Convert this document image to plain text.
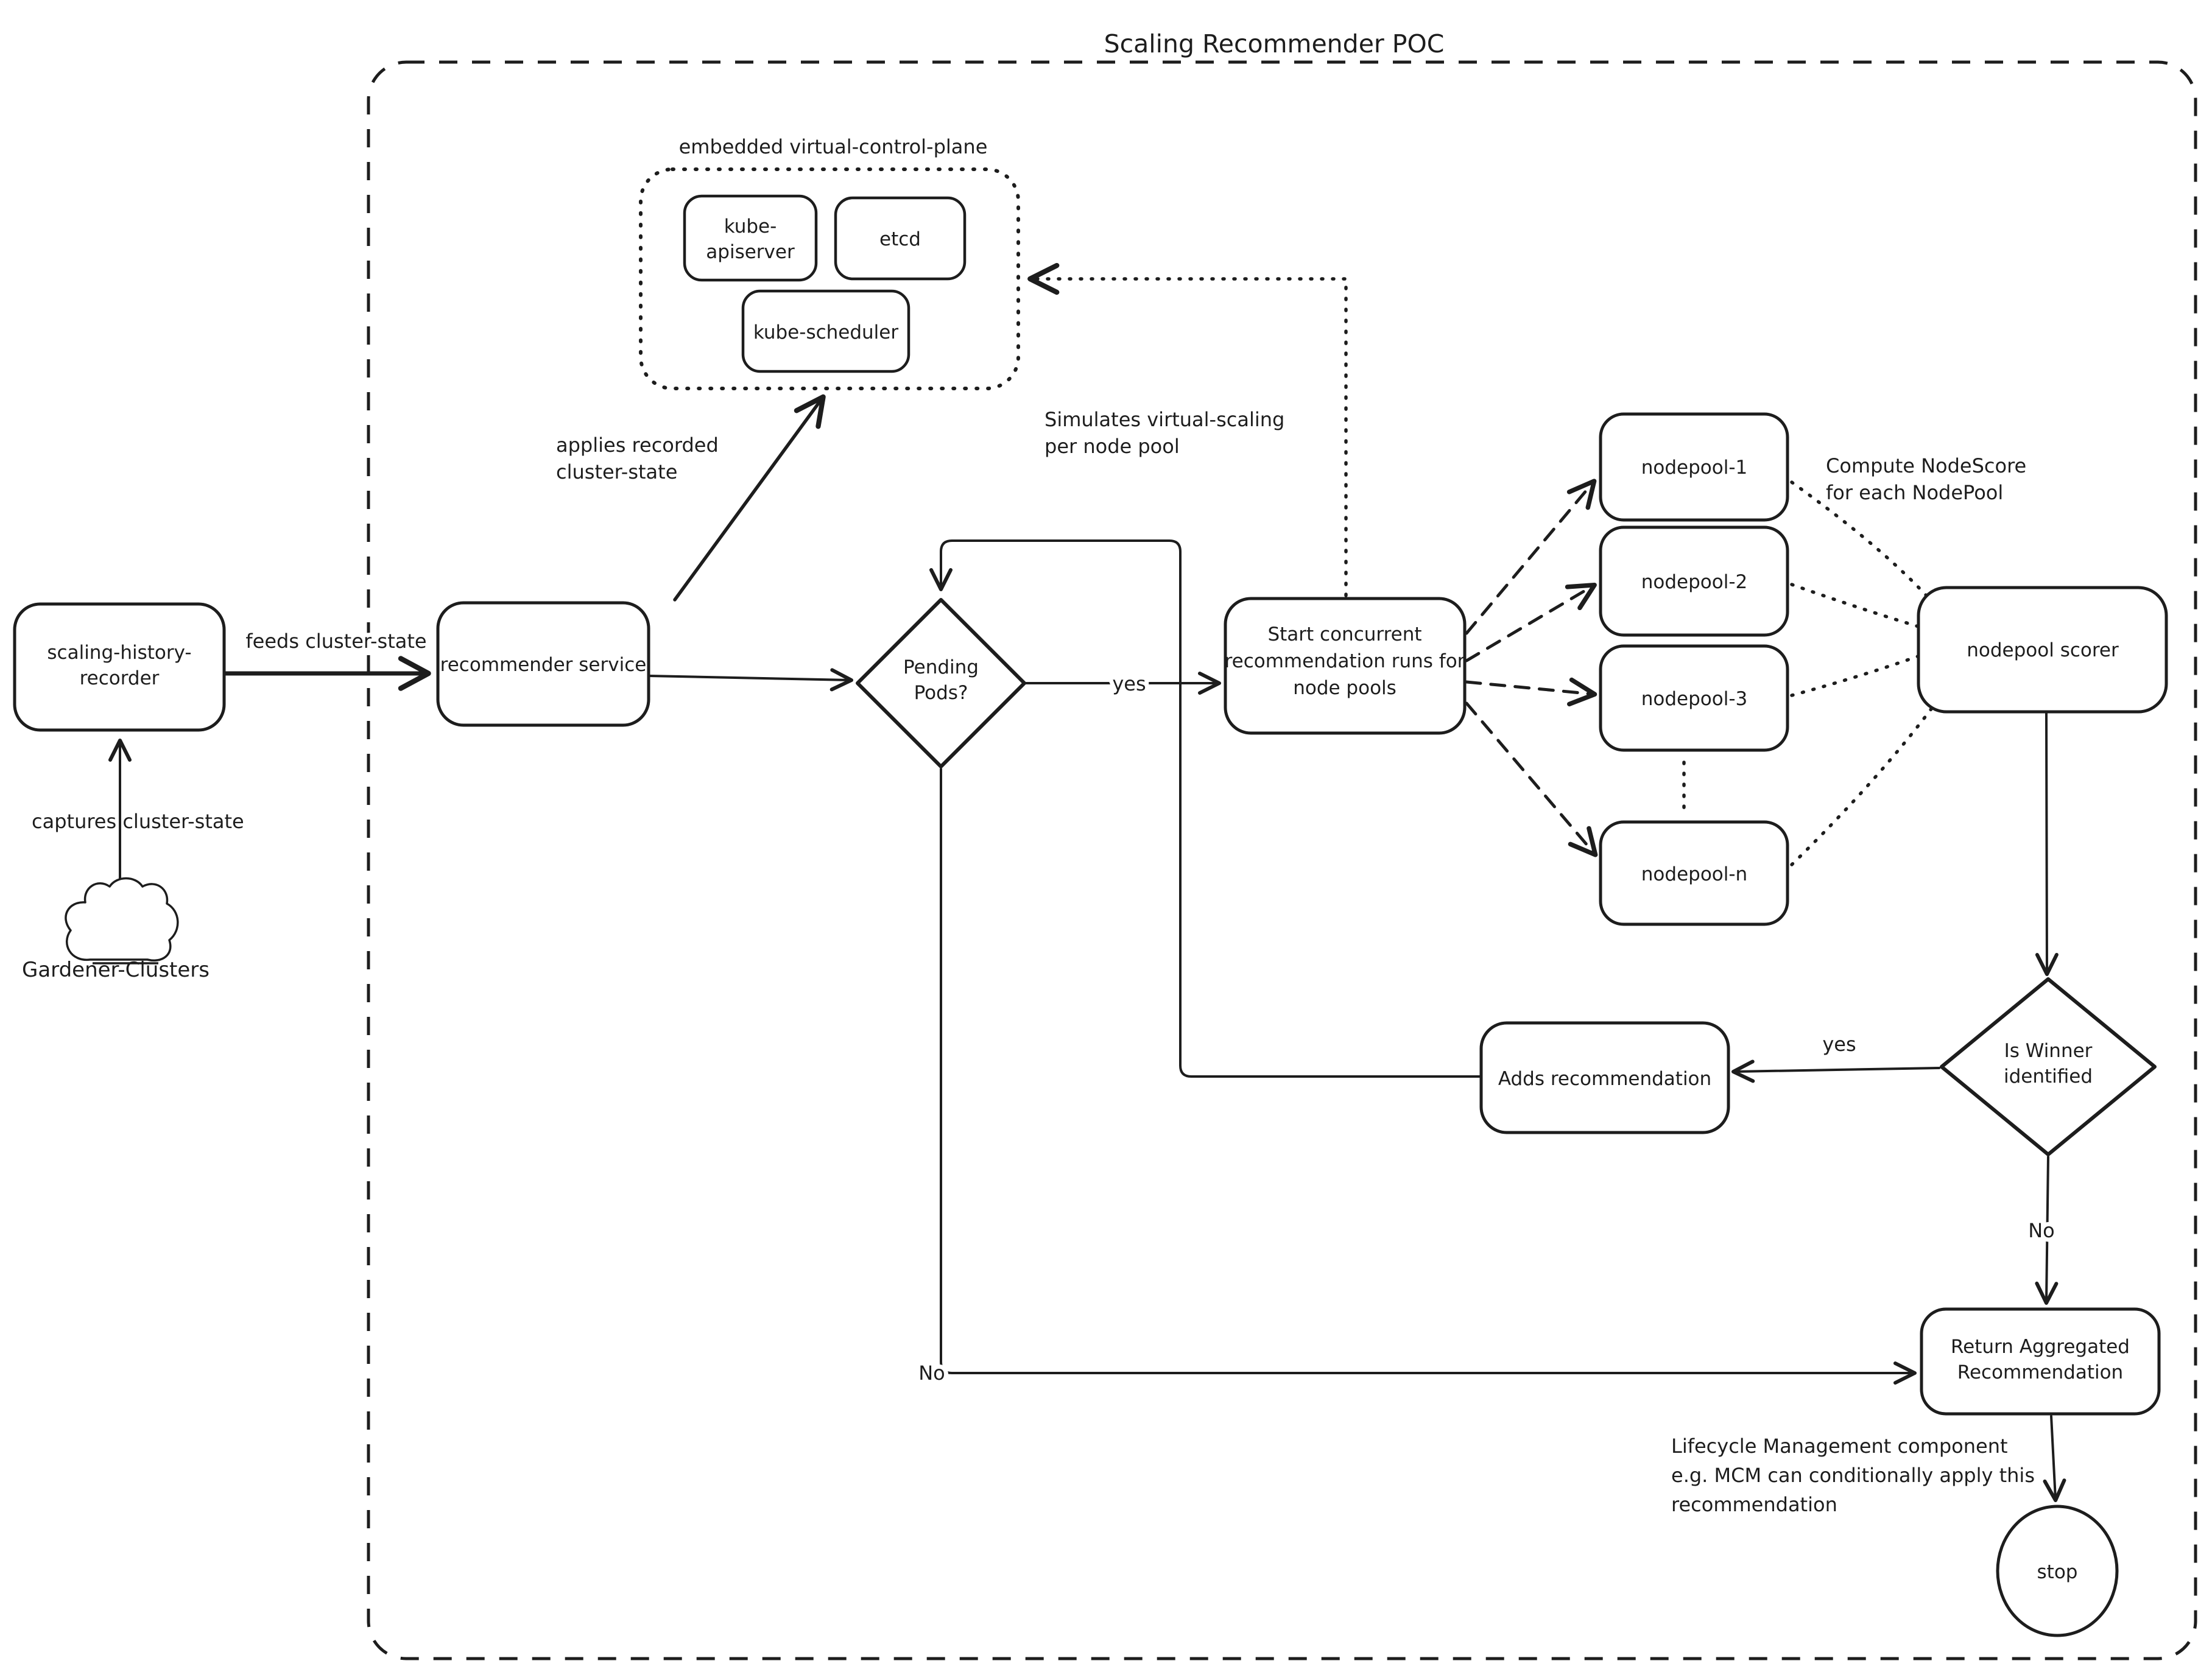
Scaling Recommender POC
embedded virtual-control-plane
kube-
apiserver
etcd
kube-scheduler
scaling-history-
recorder
Gardener-Clusters
captures cluster-state
feeds cluster-state
recommender service
applies recorded
cluster-state
Simulates virtual-scaling
per node pool
Pending
Pods?	yes
No
Start concurrent
recommendation runs for
node pools
nodepool-1
nodepool-2
nodepool-3
nodepool-n
Compute NodeScore
for each NodePool
nodepool scorer
Is Winner
identified
yes
No
Adds recommendation
Return Aggregated
Recommendation
Lifecycle Management component
e.g. MCM can conditionally apply this
recommendation
stop
